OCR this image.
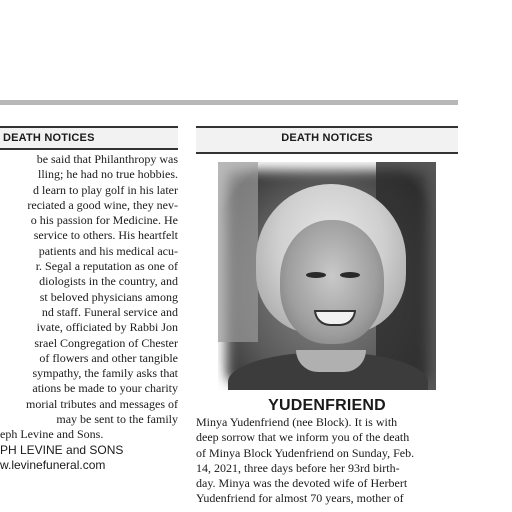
DEATH NOTICES	DEATH NOTICES
be said that Philanthropy was
lling; he had no true hobbies.
d learn to play golf in his later
reciated a good wine, they nev-
o his passion for Medicine. He
service to others. His heartfelt
patients and his medical acu-
r. Segal a reputation as one of
diologists in the country, and
st beloved physicians among
nd staff. Funeral service and
ivate, officiated by Rabbi Jon
srael Congregation of Chester
of flowers and other tangible
sympathy, the family asks that
ations be made to your charity
morial tributes and messages of
may be sent to the family
eph Levine and Sons.
PH LEVINE and SONS
w.levinefuneral.com
YUDENFRIEND
Minya Yudenfriend (nee Block). It is with
deep sorrow that we inform you of the death
of Minya Block Yudenfriend on Sunday, Feb.
14, 2021, three days before her 93rd birth-
day. Minya was the devoted wife of Herbert
Yudenfriend for almost 70 years, mother of
